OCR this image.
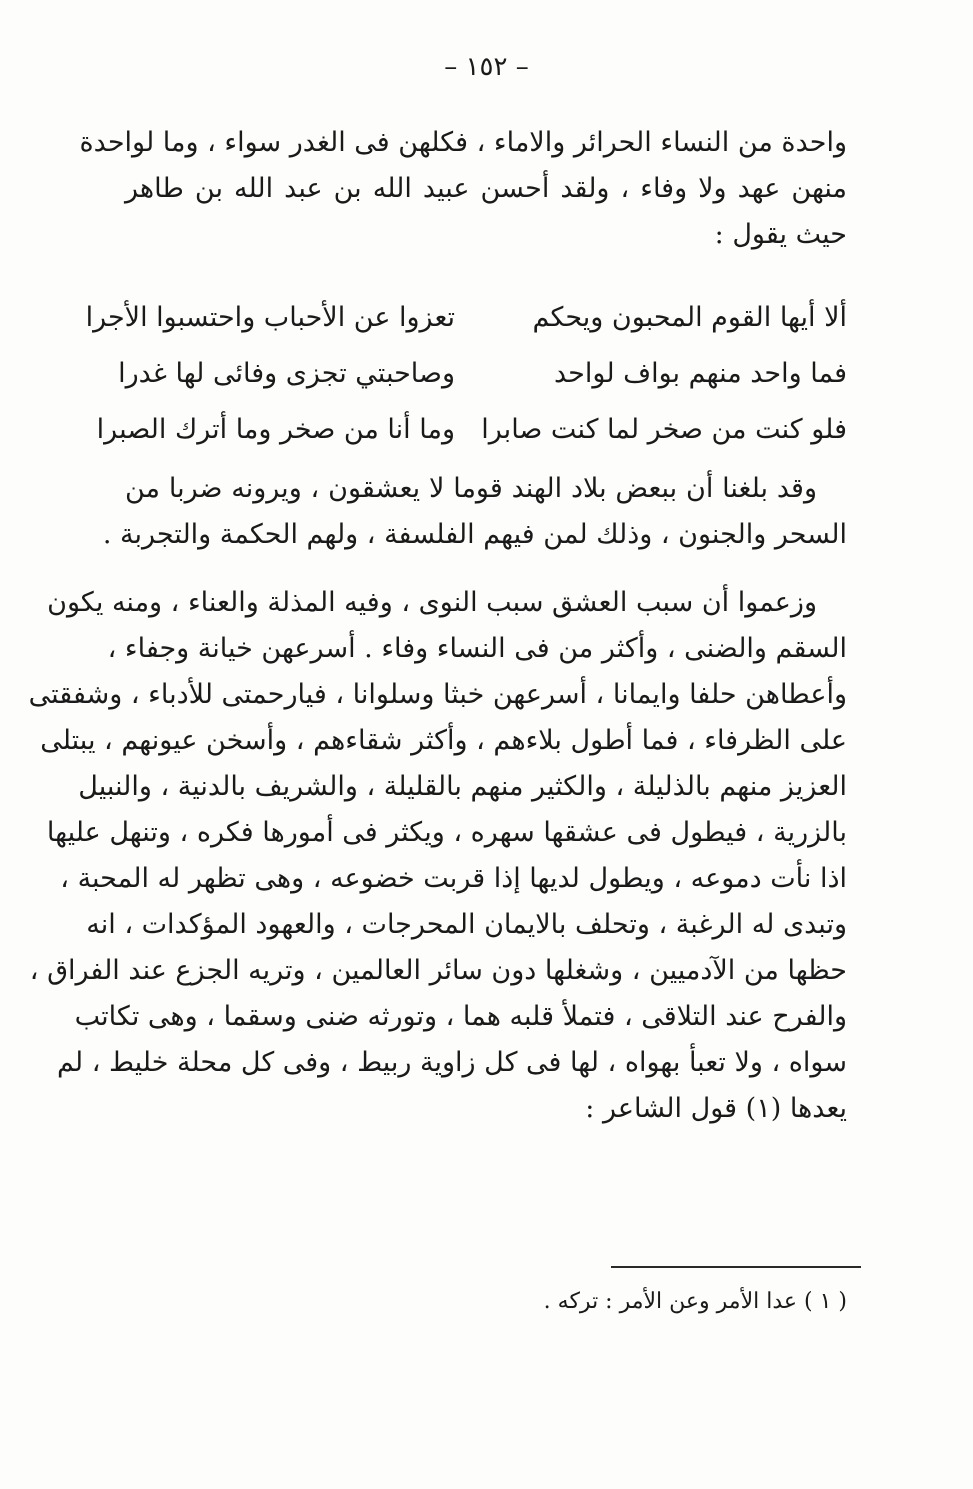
– ١٥٢ –
واحدة من النساء الحرائر والاماء ، فكلهن فى الغدر سواء ، وما لواحدة
منهن عهد ولا وفاء ، ولقد أحسن عبيد الله بن عبد الله بن طاهر
حيث يقول :
ألا أيها القوم المحبون ويحكم
تعزوا عن الأحباب واحتسبوا الأجرا
فما واحد منهم بواف لواحد
وصاحبتي تجزى وفائى لها غدرا
فلو كنت من صخر لما كنت صابرا
وما أنا من صخر وما أترك الصبرا
وقد بلغنا أن ببعض بلاد الهند قوما لا يعشقون ، ويرونه ضربا من
السحر والجنون ، وذلك لمن فيهم الفلسفة ، ولهم الحكمة والتجربة .
وزعموا أن سبب العشق سبب النوى ، وفيه المذلة والعناء ، ومنه يكون
السقم والضنى ، وأكثر من فى النساء وفاء . أسرعهن خيانة وجفاء ،
وأعطاهن حلفا وايمانا ، أسرعهن خبثا وسلوانا ، فيارحمتى للأدباء ، وشفقتى
على الظرفاء ، فما أطول بلاءهم ، وأكثر شقاءهم ، وأسخن عيونهم ، يبتلى
العزيز منهم بالذليلة ، والكثير منهم بالقليلة ، والشريف بالدنية ، والنبيل
بالزرية ، فيطول فى عشقها سهره ، ويكثر فى أمورها فكره ، وتنهل عليها
اذا نأت دموعه ، ويطول لديها إذا قربت خضوعه ، وهى تظهر له المحبة ،
وتبدى له الرغبة ، وتحلف بالايمان المحرجات ، والعهود المؤكدات ، انه
حظها من الآدميين ، وشغلها دون سائر العالمين ، وتريه الجزع عند الفراق ،
والفرح عند التلاقى ، فتملأ قلبه هما ، وتورثه ضنى وسقما ، وهى تكاتب
سواه ، ولا تعبأ بهواه ، لها فى كل زاوية ربيط ، وفى كل محلة خليط ، لم
يعدها (١) قول الشاعر :
( ١ ) عدا الأمر وعن الأمر : تركه .
